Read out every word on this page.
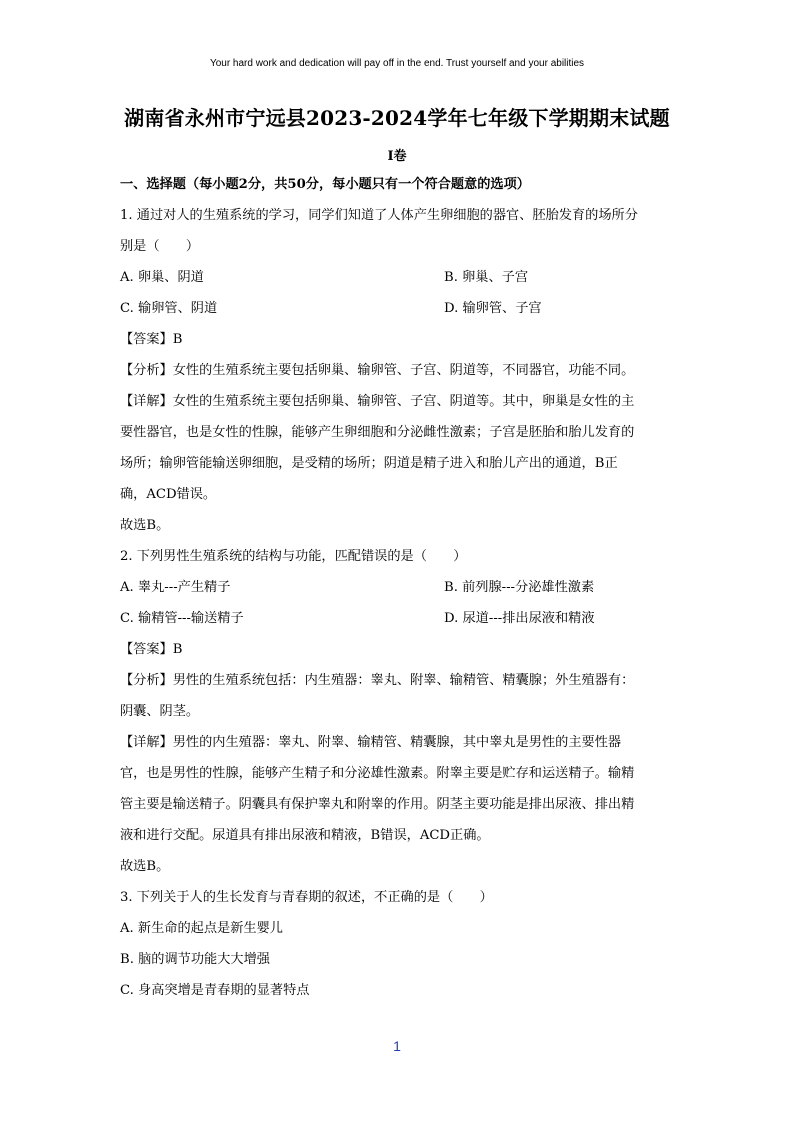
Your hard work and dedication will pay off in the end. Trust yourself and your abilities
湖南省永州市宁远县2023-2024学年七年级下学期期末试题
I卷
一、选择题（每小题2分，共50分，每小题只有一个符合题意的选项）
1. 通过对人的生殖系统的学习，同学们知道了人体产生卵细胞的器官、胚胎发育的场所分
别是（　　）
A. 卵巢、阴道	B. 卵巢、子宫
C. 输卵管、阴道	D. 输卵管、子宫
【答案】B
【分析】女性的生殖系统主要包括卵巢、输卵管、子宫、阴道等，不同器官，功能不同。
【详解】女性的生殖系统主要包括卵巢、输卵管、子宫、阴道等。其中，卵巢是女性的主
要性器官，也是女性的性腺，能够产生卵细胞和分泌雌性激素；子宫是胚胎和胎儿发育的
场所；输卵管能输送卵细胞，是受精的场所；阴道是精子进入和胎儿产出的通道，B正
确，ACD错误。
故选B。
2. 下列男性生殖系统的结构与功能，匹配错误的是（　　）
A. 睾丸---产生精子	B. 前列腺---分泌雄性激素
C. 输精管---输送精子	D. 尿道---排出尿液和精液
【答案】B
【分析】男性的生殖系统包括：内生殖器：睾丸、附睾、输精管、精囊腺；外生殖器有：
阴囊、阴茎。
【详解】男性的内生殖器：睾丸、附睾、输精管、精囊腺，其中睾丸是男性的主要性器
官，也是男性的性腺，能够产生精子和分泌雄性激素。附睾主要是贮存和运送精子。输精
管主要是输送精子。阴囊具有保护睾丸和附睾的作用。阴茎主要功能是排出尿液、排出精
液和进行交配。尿道具有排出尿液和精液，B错误，ACD正确。
故选B。
3. 下列关于人的生长发育与青春期的叙述，不正确的是（　　）
A. 新生命的起点是新生婴儿
B. 脑的调节功能大大增强
C. 身高突增是青春期的显著特点
1
